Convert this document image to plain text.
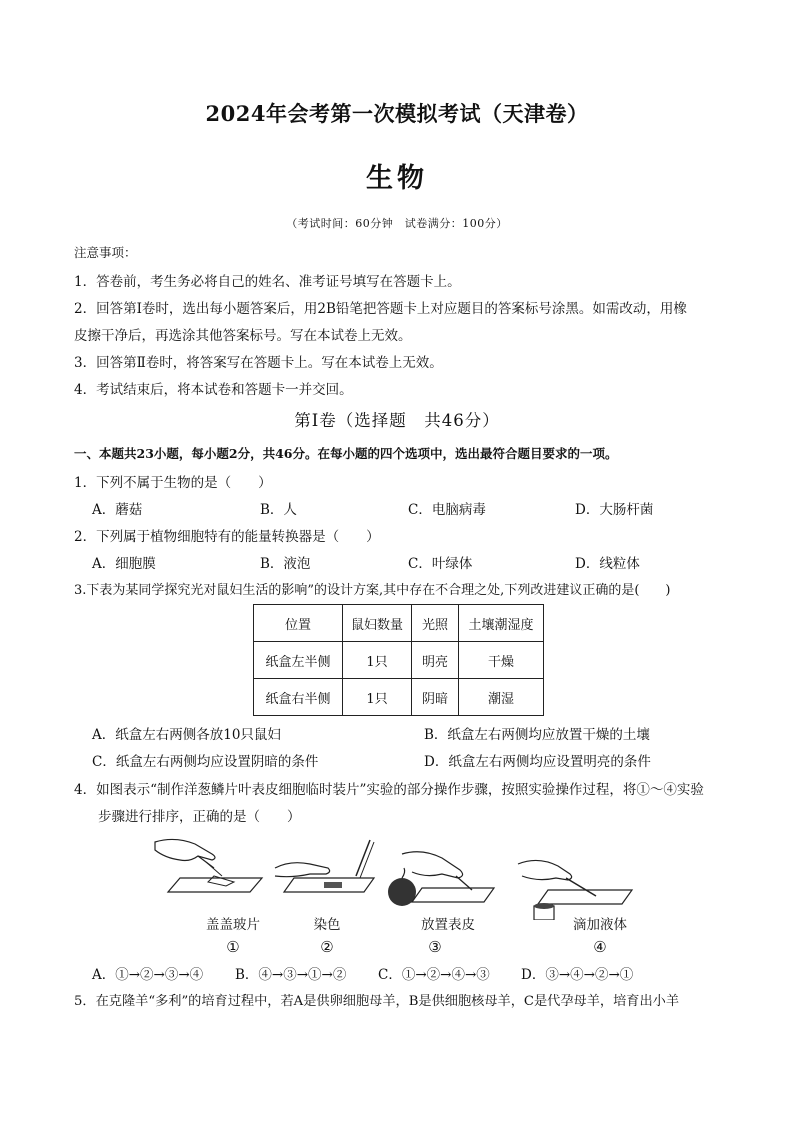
2024年会考第一次模拟考试（天津卷）
生物
（考试时间：60分钟　试卷满分：100分）
注意事项：
1．答卷前，考生务必将自己的姓名、准考证号填写在答题卡上。
2．回答第Ⅰ卷时，选出每小题答案后，用2B铅笔把答题卡上对应题目的答案标号涂黑。如需改动，用橡
皮擦干净后，再选涂其他答案标号。写在本试卷上无效。
3．回答第Ⅱ卷时，将答案写在答题卡上。写在本试卷上无效。
4．考试结束后，将本试卷和答题卡一并交回。
第Ⅰ卷（选择题　共46分）
一、本题共23小题，每小题2分，共46分。在每小题的四个选项中，选出最符合题目要求的一项。
1．下列不属于生物的是（　　）
A．蘑菇	B．人	C．电脑病毒	D．大肠杆菌
2．下列属于植物细胞特有的能量转换器是（　　）
A．细胞膜	B．液泡	C．叶绿体	D．线粒体
3.下表为某同学探究光对鼠妇生活的影响”的设计方案,其中存在不合理之处,下列改进建议正确的是(　　)
位置	鼠妇数量	光照	土壤潮湿度
纸盒左半侧	1只	明亮	干燥
纸盒右半侧	1只	阴暗	潮湿
A．纸盒左右两侧各放10只鼠妇	B．纸盒左右两侧均应放置干燥的土壤
C．纸盒左右两侧均应设置阴暗的条件	D．纸盒左右两侧均应设置明亮的条件
4．如图表示“制作洋葱鳞片叶表皮细胞临时装片”实验的部分操作步骤，按照实验操作过程，将①～④实验
步骤进行排序，正确的是（　　）
盖盖玻片	染色	放置表皮	滴加液体
①	②	③	④
A．①→②→③→④ B．④→③→①→② C．①→②→④→③ D．③→④→②→①
5．在克隆羊“多利”的培育过程中，若A是供卵细胞母羊，B是供细胞核母羊，C是代孕母羊，培育出小羊
